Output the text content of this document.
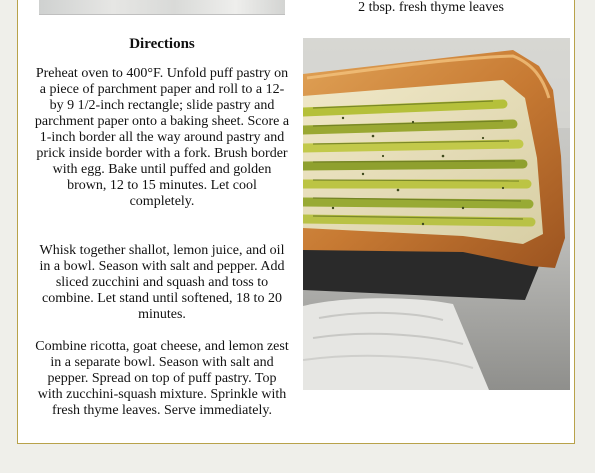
2 tbsp. fresh thyme leaves
Directions
Preheat oven to 400°F. Unfold puff pastry on a piece of parchment paper and roll to a 12- by 9 1/2-inch rectangle; slide pastry and parchment paper onto a baking sheet. Score a 1-inch border all the way around pastry and prick inside border with a fork. Brush border with egg. Bake until puffed and golden brown, 12 to 15 minutes. Let cool completely.
Whisk together shallot, lemon juice, and oil in a bowl. Season with salt and pepper. Add sliced zucchini and squash and toss to combine. Let stand until softened, 18 to 20 minutes.
Combine ricotta, goat cheese, and lemon zest in a separate bowl. Season with salt and pepper. Spread on top of puff pastry. Top with zucchini-squash mixture. Sprinkle with fresh thyme leaves. Serve immediately.
